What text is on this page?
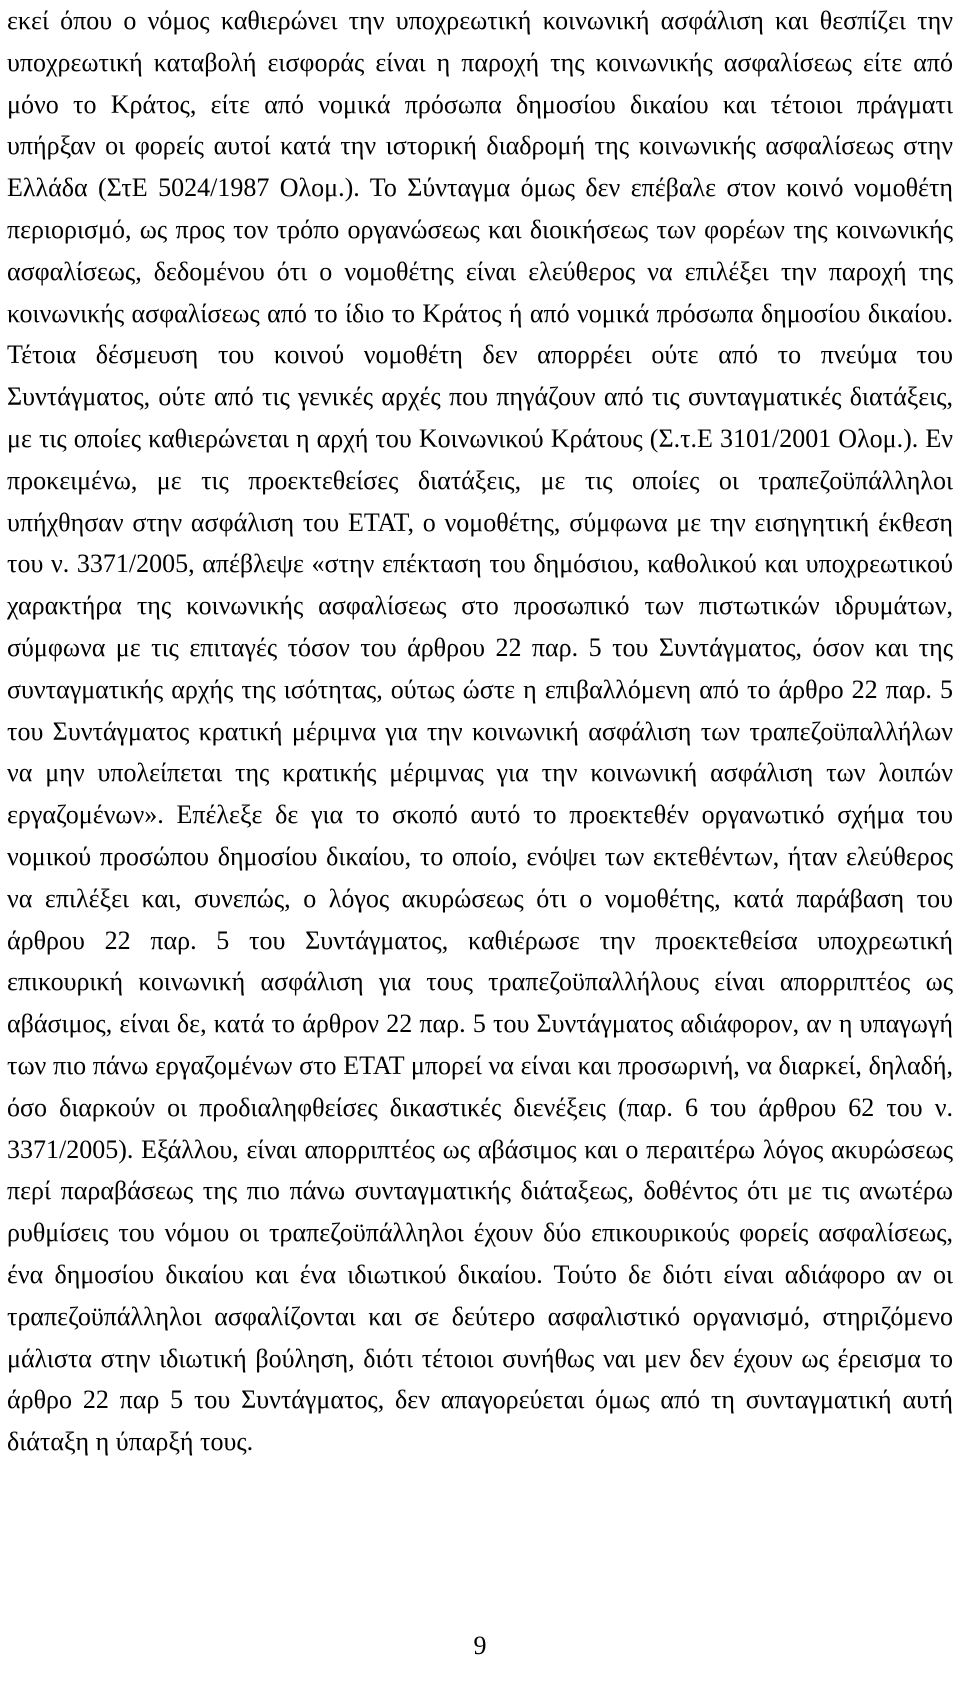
εκεί όπου ο νόμος καθιερώνει την υποχρεωτική κοινωνική ασφάλιση και θεσπίζει την υποχρεωτική καταβολή εισφοράς είναι η παροχή της κοινωνικής ασφαλίσεως είτε από μόνο το Κράτος, είτε από νομικά πρόσωπα δημοσίου δικαίου και τέτοιοι πράγματι υπήρξαν οι φορείς αυτοί κατά την ιστορική διαδρομή της κοινωνικής ασφαλίσεως στην Ελλάδα (ΣτΕ 5024/1987 Ολομ.). Το Σύνταγμα όμως δεν επέβαλε στον κοινό νομοθέτη περιορισμό, ως προς τον τρόπο οργανώσεως και διοικήσεως των φορέων της κοινωνικής ασφαλίσεως, δεδομένου ότι ο νομοθέτης είναι ελεύθερος να επιλέξει την παροχή της κοινωνικής ασφαλίσεως από το ίδιο το Κράτος ή από νομικά πρόσωπα δημοσίου δικαίου. Τέτοια δέσμευση του κοινού νομοθέτη δεν απορρέει ούτε από το πνεύμα του Συντάγματος, ούτε από τις γενικές αρχές που πηγάζουν από τις συνταγματικές διατάξεις, με τις οποίες καθιερώνεται η αρχή του Κοινωνικού Κράτους (Σ.τ.Ε 3101/2001 Ολομ.). Εν προκειμένω, με τις προεκτεθείσες διατάξεις, με τις οποίες οι τραπεζοϋπάλληλοι υπήχθησαν στην ασφάλιση του ΕΤΑΤ, ο νομοθέτης, σύμφωνα με την εισηγητική έκθεση του ν. 3371/2005, απέβλεψε «στην επέκταση του δημόσιου, καθολικού και υποχρεωτικού χαρακτήρα της κοινωνικής ασφαλίσεως στο προσωπικό των πιστωτικών ιδρυμάτων, σύμφωνα με τις επιταγές τόσον του άρθρου 22 παρ. 5 του Συντάγματος, όσον και της συνταγματικής αρχής της ισότητας, ούτως ώστε η επιβαλλόμενη από το άρθρο 22 παρ. 5 του Συντάγματος κρατική μέριμνα για την κοινωνική ασφάλιση των τραπεζοϋπαλλήλων να μην υπολείπεται της κρατικής μέριμνας για την κοινωνική ασφάλιση των λοιπών εργαζομένων». Επέλεξε δε για το σκοπό αυτό το προεκτεθέν οργανωτικό σχήμα του νομικού προσώπου δημοσίου δικαίου, το οποίο, ενόψει των εκτεθέντων, ήταν ελεύθερος να επιλέξει και, συνεπώς, ο λόγος ακυρώσεως ότι ο νομοθέτης, κατά παράβαση του άρθρου 22 παρ. 5 του Συντάγματος, καθιέρωσε την προεκτεθείσα υποχρεωτική επικουρική κοινωνική ασφάλιση για τους τραπεζοϋπαλλήλους είναι απορριπτέος ως αβάσιμος, είναι δε, κατά το άρθρον 22 παρ. 5 του Συντάγματος αδιάφορον, αν η υπαγωγή των πιο πάνω εργαζομένων στο ΕΤΑΤ μπορεί να είναι και προσωρινή, να διαρκεί, δηλαδή, όσο διαρκούν οι προδιαληφθείσες δικαστικές διενέξεις (παρ. 6 του άρθρου 62 του ν. 3371/2005). Εξάλλου, είναι απορριπτέος ως αβάσιμος και ο περαιτέρω λόγος ακυρώσεως περί παραβάσεως της πιο πάνω συνταγματικής διάταξεως, δοθέντος ότι με τις ανωτέρω ρυθμίσεις του νόμου οι τραπεζοϋπάλληλοι έχουν δύο επικουρικούς φορείς ασφαλίσεως, ένα δημοσίου δικαίου και ένα ιδιωτικού δικαίου. Τούτο δε διότι είναι αδιάφορο αν οι τραπεζοϋπάλληλοι ασφαλίζονται και σε δεύτερο ασφαλιστικό οργανισμό, στηριζόμενο μάλιστα στην ιδιωτική βούληση, διότι τέτοιοι συνήθως ναι μεν δεν έχουν ως έρεισμα το άρθρο 22 παρ 5 του Συντάγματος, δεν απαγορεύεται όμως από τη συνταγματική αυτή διάταξη η ύπαρξή τους.

9
